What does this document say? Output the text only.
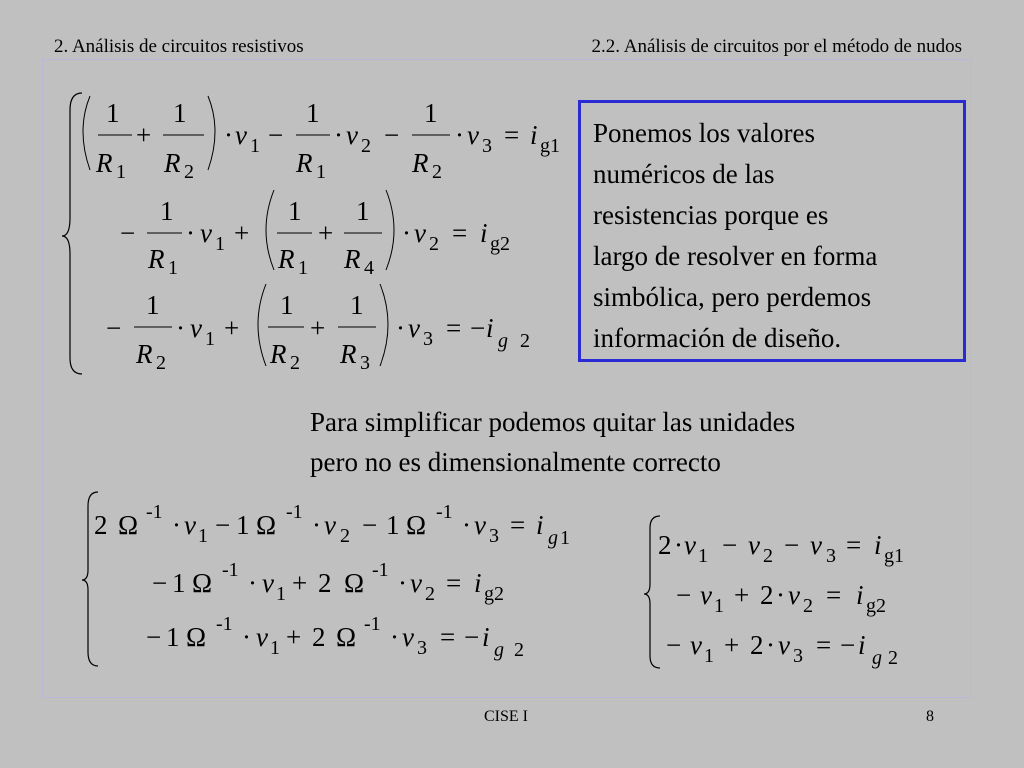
2. Análisis de circuitos resistivos	2.2. Análisis de circuitos por el método de nudos
1
R 1
+
1
R 2
· v 1 −
1
R 1
· v 2 −
1
R 2
· v 3 = i g1
−
1
R 1
· v 1 +
1
R 1
+
1
R 4
· v 2 = i g2
−
1
R 2
· v 1 +
1
R 2
+
1
R 3
· v 3 = − i g 2
Ponemos los valores
numéricos de las
resistencias porque es
largo de resolver en forma
simbólica, pero perdemos
información de diseño.
Para simplificar podemos quitar las unidades
pero no es dimensionalmente correcto
2 Ω -1 · v 1 − 1 Ω -1 · v 2 − 1 Ω -1 · v 3 = i g 1
− 1 Ω -1 · v 1 + 2 Ω -1 · v 2 = i g2
− 1 Ω -1 · v 1 + 2 Ω -1 · v 3 = − i g 2
2 · v 1 − v 2 − v 3 = i g1
− v 1 + 2 · v 2 = i g2
− v 1 + 2 · v 3 = − i g 2
CISE I	8
